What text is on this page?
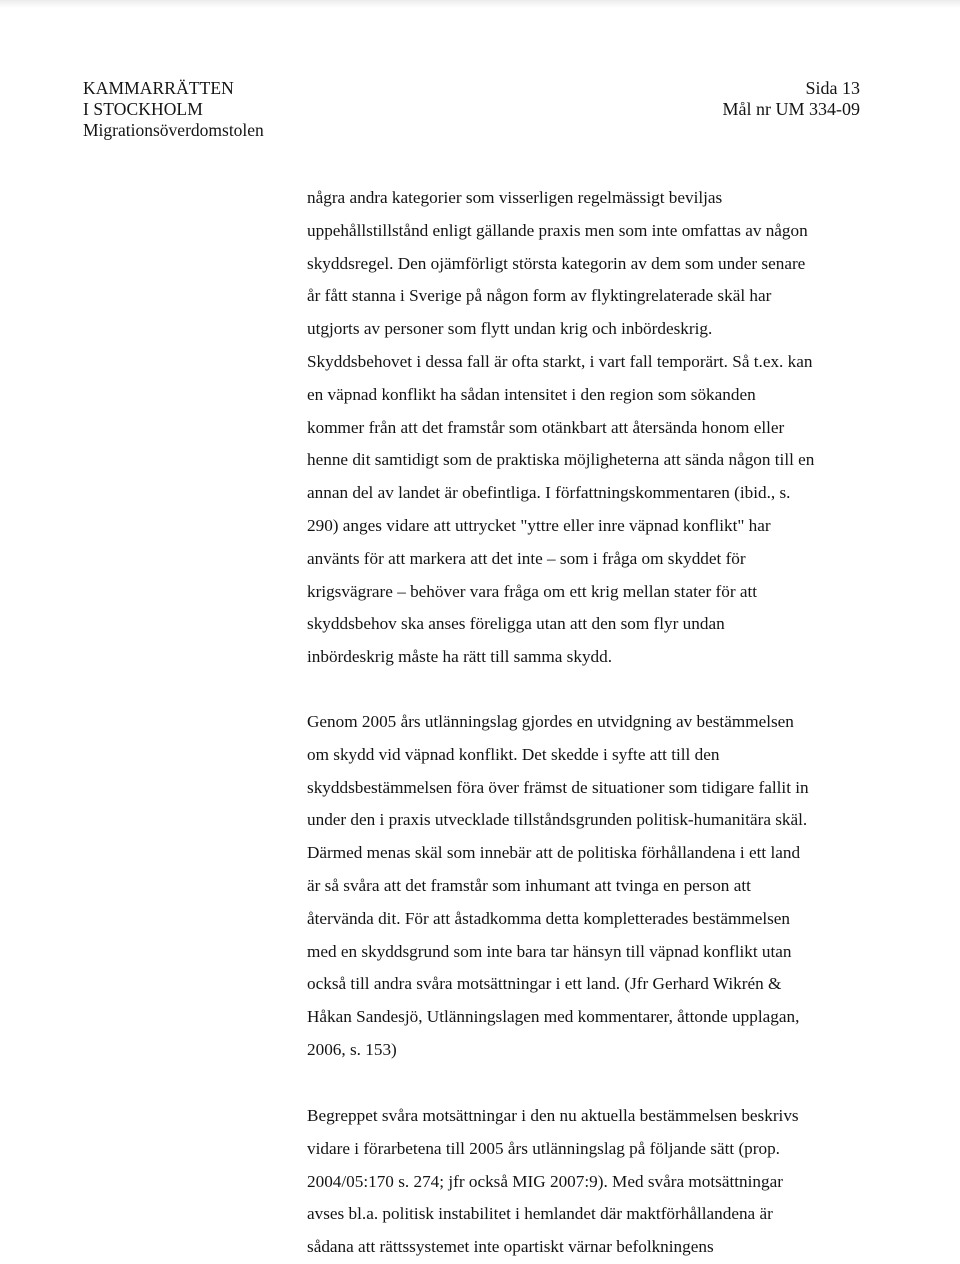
KAMMARRÄTTEN
I STOCKHOLM
Migrationsöverdomstolen
Sida 13
Mål nr UM 334-09

några andra kategorier som visserligen regelmässigt beviljas
uppehållstillstånd enligt gällande praxis men som inte omfattas av någon
skyddsregel. Den ojämförligt största kategorin av dem som under senare
år fått stanna i Sverige på någon form av flyktingrelaterade skäl har
utgjorts av personer som flytt undan krig och inbördeskrig.
Skyddsbehovet i dessa fall är ofta starkt, i vart fall temporärt. Så t.ex. kan
en väpnad konflikt ha sådan intensitet i den region som sökanden
kommer från att det framstår som otänkbart att återsända honom eller
henne dit samtidigt som de praktiska möjligheterna att sända någon till en
annan del av landet är obefintliga. I författningskommentaren (ibid., s.
290) anges vidare att uttrycket "yttre eller inre väpnad konflikt" har
använts för att markera att det inte – som i fråga om skyddet för
krigsvägrare – behöver vara fråga om ett krig mellan stater för att
skyddsbehov ska anses föreligga utan att den som flyr undan
inbördeskrig måste ha rätt till samma skydd.

Genom 2005 års utlänningslag gjordes en utvidgning av bestämmelsen
om skydd vid väpnad konflikt. Det skedde i syfte att till den
skyddsbestämmelsen föra över främst de situationer som tidigare fallit in
under den i praxis utvecklade tillståndsgrunden politisk-humanitära skäl.
Därmed menas skäl som innebär att de politiska förhållandena i ett land
är så svåra att det framstår som inhumant att tvinga en person att
återvända dit. För att åstadkomma detta kompletterades bestämmelsen
med en skyddsgrund som inte bara tar hänsyn till väpnad konflikt utan
också till andra svåra motsättningar i ett land. (Jfr Gerhard Wikrén &
Håkan Sandesjö, Utlänningslagen med kommentarer, åttonde upplagan,
2006, s. 153)

Begreppet svåra motsättningar i den nu aktuella bestämmelsen beskrivs
vidare i förarbetena till 2005 års utlänningslag på följande sätt (prop.
2004/05:170 s. 274; jfr också MIG 2007:9). Med svåra motsättningar
avses bl.a. politisk instabilitet i hemlandet där maktförhållandena är
sådana att rättssystemet inte opartiskt värnar befolkningens
